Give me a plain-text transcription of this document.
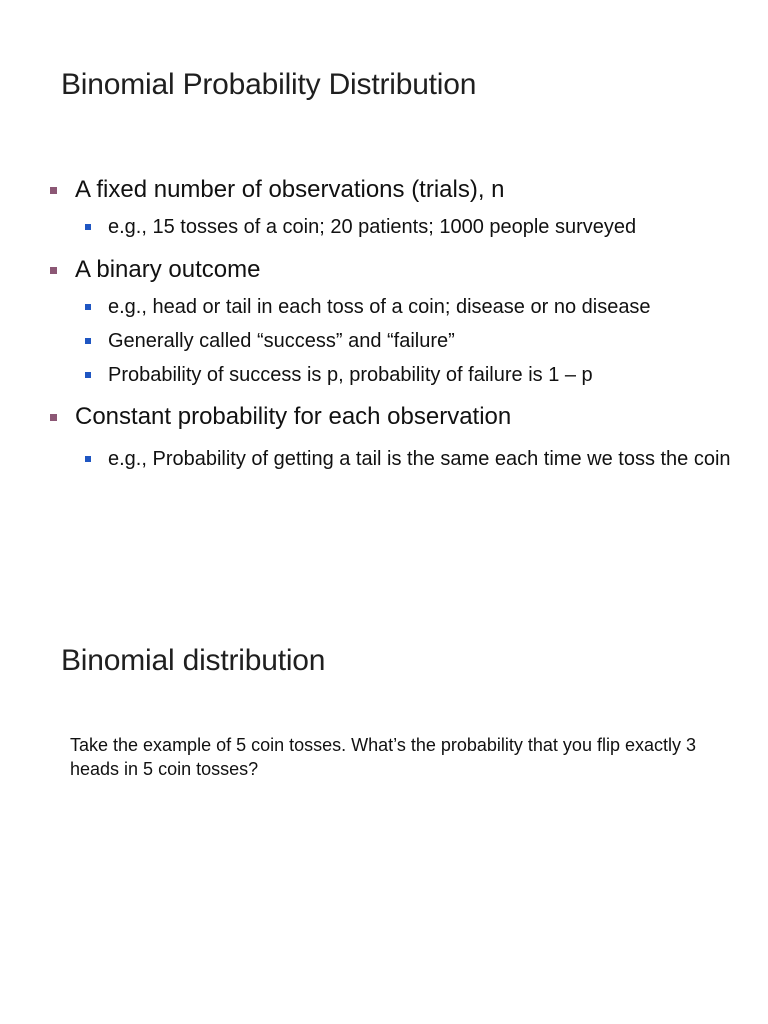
Binomial Probability Distribution
A fixed number of observations (trials), n
e.g., 15 tosses of a coin; 20 patients; 1000 people surveyed
A binary outcome
e.g., head or tail in each toss of a coin; disease or no disease
Generally called “success” and “failure”
Probability of success is p, probability of failure is 1 – p
Constant probability for each observation
e.g., Probability of getting a tail is the same each time we toss the coin
Binomial distribution

Take the example of 5 coin tosses. What’s the probability that you flip exactly 3 heads in 5 coin tosses?
